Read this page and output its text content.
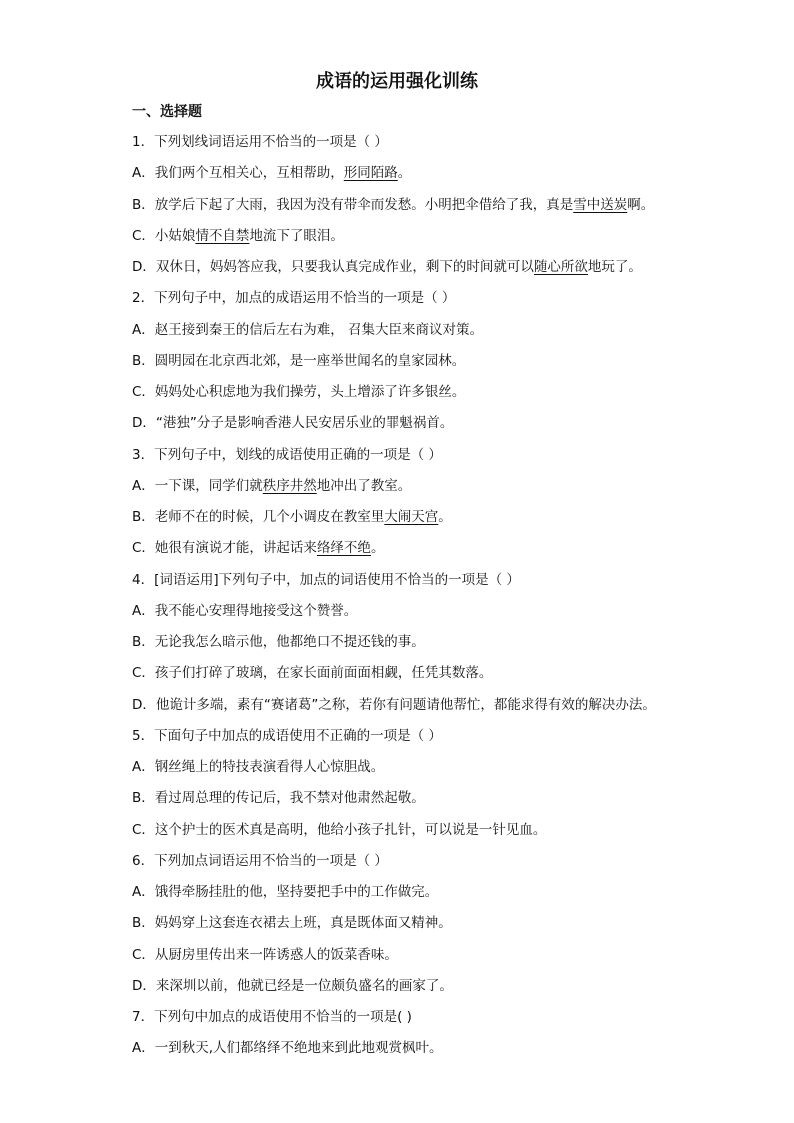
成语的运用强化训练
一、选择题
1．下列划线词语运用不恰当的一项是（ ）
A．我们两个互相关心，互相帮助，形同陌路。
B．放学后下起了大雨，我因为没有带伞而发愁。小明把伞借给了我，真是雪中送炭啊。
C．小姑娘情不自禁地流下了眼泪。
D．双休日，妈妈答应我，只要我认真完成作业，剩下的时间就可以随心所欲地玩了。
2．下列句子中，加点的成语运用不恰当的一项是（ ）
A．赵王接到秦王的信后左右为难， 召集大臣来商议对策。
B．圆明园在北京西北郊，是一座举世闻名的皇家园林。
C．妈妈处心积虑地为我们操劳，头上增添了许多银丝。
D．“港独”分子是影响香港人民安居乐业的罪魁祸首。
3．下列句子中，划线的成语使用正确的一项是（ ）
A．一下课，同学们就秩序井然地冲出了教室。
B．老师不在的时候，几个小调皮在教室里大闹天宫。
C．她很有演说才能，讲起话来络绎不绝。
4．[词语运用]下列句子中，加点的词语使用不恰当的一项是（ ）
A．我不能心安理得地接受这个赞誉。
B．无论我怎么暗示他，他都绝口不提还钱的事。
C．孩子们打碎了玻璃，在家长面前面面相觑，任凭其数落。
D．他诡计多端，素有“赛诸葛”之称，若你有问题请他帮忙，都能求得有效的解决办法。
5．下面句子中加点的成语使用不正确的一项是（ ）
A．钢丝绳上的特技表演看得人心惊胆战。
B．看过周总理的传记后，我不禁对他肃然起敬。
C．这个护士的医术真是高明，他给小孩子扎针，可以说是一针见血。
6．下列加点词语运用不恰当的一项是（ ）
A．饿得牵肠挂肚的他，坚持要把手中的工作做完。
B．妈妈穿上这套连衣裙去上班，真是既体面又精神。
C．从厨房里传出来一阵诱惑人的饭菜香味。
D．来深圳以前，他就已经是一位颇负盛名的画家了。
7．下列句中加点的成语使用不恰当的一项是( )
A．一到秋天,人们都络绎不绝地来到此地观赏枫叶。
